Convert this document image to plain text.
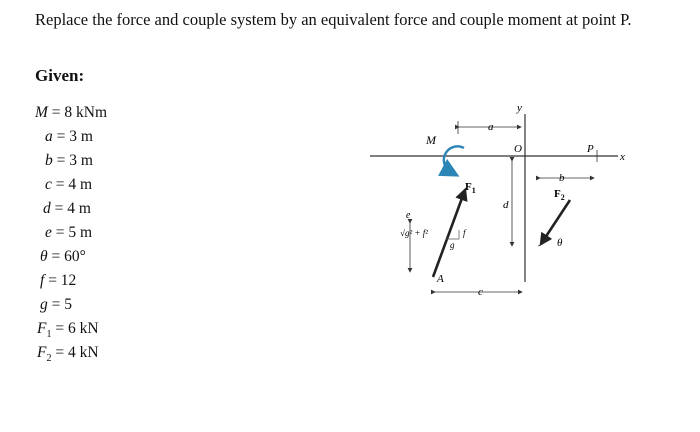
Replace the force and couple system by an equivalent force and couple moment at point P.
Given:
M = 8 kNm
a = 3 m
b = 3 m
c = 4 m
d = 4 m
e = 5 m
θ = 60°
f = 12
g = 5
$F_1 = 6$ kN
$F_2 = 4$ kN
a
y
M
O	P
x
b
$F_2$
θ
d
$F_1$
√g² + f²	f
g
e
A
c
